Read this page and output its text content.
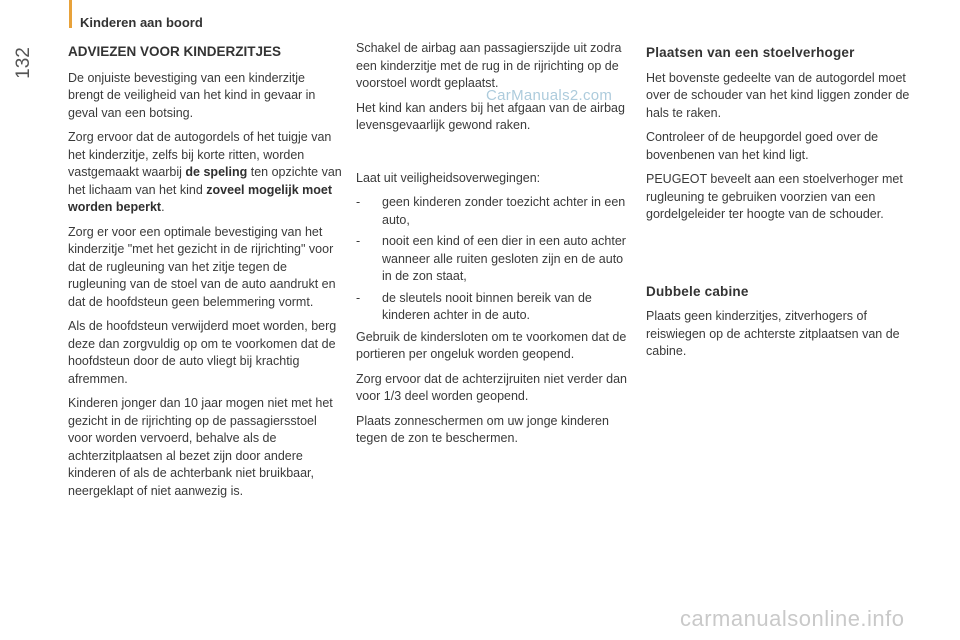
Kinderen aan boord
132	ADVIEZEN VOOR KINDERZITJES

De onjuiste bevestiging van een kinderzitje brengt de veiligheid van het kind in gevaar in geval van een botsing.

Zorg ervoor dat de autogordels of het tuigje van het kinderzitje, zelfs bij korte ritten, worden vastgemaakt waarbij de speling ten opzichte van het lichaam van het kind zoveel mogelijk moet worden beperkt.

Zorg er voor een optimale bevestiging van het kinderzitje "met het gezicht in de rijrichting" voor dat de rugleuning van het zitje tegen de rugleuning van de stoel van de auto aandrukt en dat de hoofdsteun geen belemmering vormt.

Als de hoofdsteun verwijderd moet worden, berg deze dan zorgvuldig op om te voorkomen dat de hoofdsteun door de auto vliegt bij krachtig afremmen.

Kinderen jonger dan 10 jaar mogen niet met het gezicht in de rijrichting op de passagiersstoel voor worden vervoerd, behalve als de achterzitplaatsen al bezet zijn door andere kinderen of als de achterbank niet bruikbaar, neergeklapt of niet aanwezig is.

Schakel de airbag aan passagierszijde uit zodra een kinderzitje met de rug in de rijrichting op de voorstoel wordt geplaatst.

Het kind kan anders bij het afgaan van de airbag levensgevaarlijk gewond raken.

Laat uit veiligheidsoverwegingen:

- geen kinderen zonder toezicht achter in een auto,
- nooit een kind of een dier in een auto achter wanneer alle ruiten gesloten zijn en de auto in de zon staat,
- de sleutels nooit binnen bereik van de kinderen achter in de auto.

Gebruik de kindersloten om te voorkomen dat de portieren per ongeluk worden geopend.

Zorg ervoor dat de achterzijruiten niet verder dan voor 1/3 deel worden geopend.

Plaats zonneschermen om uw jonge kinderen tegen de zon te beschermen.

Plaatsen van een stoelverhoger

Het bovenste gedeelte van de autogordel moet over de schouder van het kind liggen zonder de hals te raken.

Controleer of de heupgordel goed over de bovenbenen van het kind ligt.

PEUGEOT beveelt aan een stoelverhoger met rugleuning te gebruiken voorzien van een gordelgeleider ter hoogte van de schouder.

Dubbele cabine

Plaats geen kinderzitjes, zitverhogers of reiswiegen op de achterste zitplaatsen van de cabine.

CarManuals2.com
carmanualsonline.info
